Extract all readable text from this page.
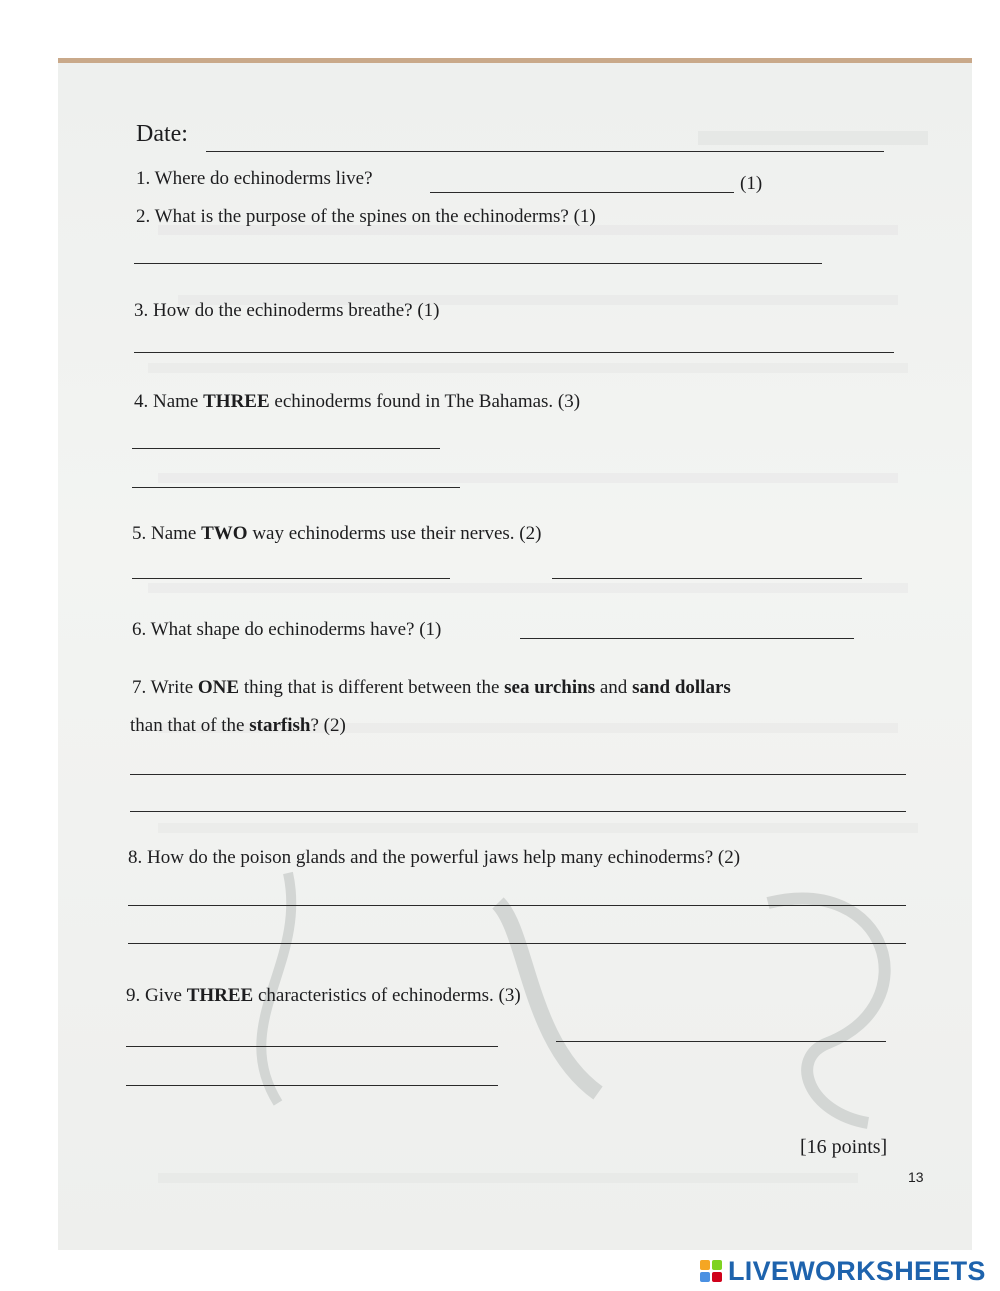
Date:
1. Where do echinoderms live?	(1)
2. What is the purpose of the spines on the echinoderms? (1)
3. How do the echinoderms breathe? (1)
4. Name THREE echinoderms found in The Bahamas. (3)
5. Name TWO way echinoderms use their nerves. (2)
6. What shape do echinoderms have? (1)
7. Write ONE thing that is different between the sea urchins and sand dollars
than that of the starfish? (2)
8. How do the poison glands and the powerful jaws help many echinoderms? (2)
9. Give THREE characteristics of echinoderms. (3)
[16 points]
13
LIVEWORKSHEETS
